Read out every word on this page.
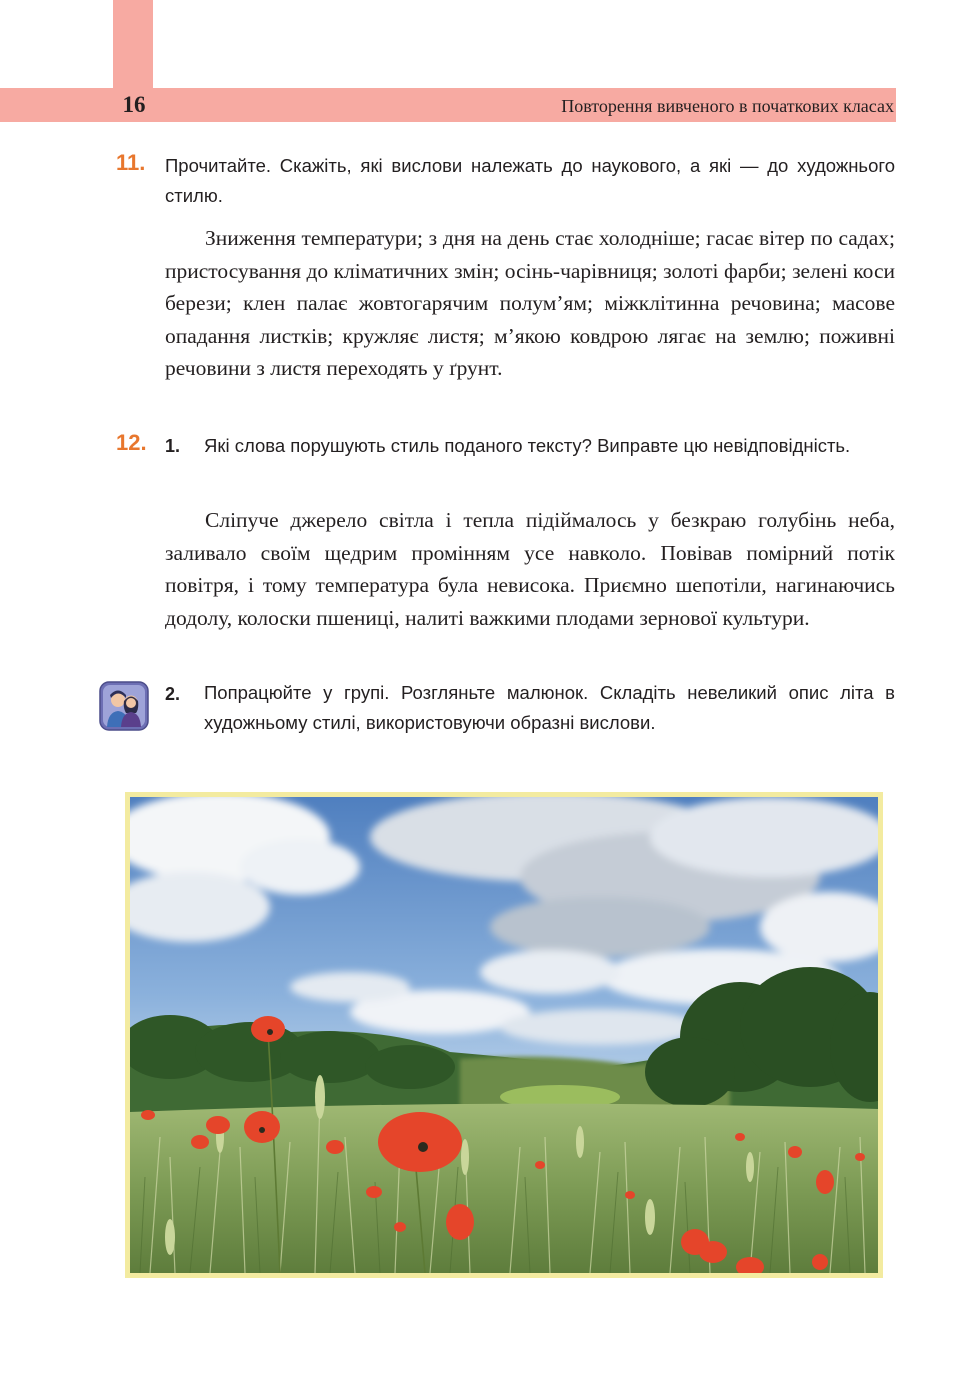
16	Повторення вивченого в початкових класах
11. Прочитайте. Скажіть, які вислови належать до наукового, а які — до художнього стилю.
Зниження температури; з дня на день стає холодніше; гасає вітер по садах; пристосування до кліматичних змін; осінь-чарівниця; золоті фарби; зелені коси берези; клен палає жовтогарячим полум’ям; міжклітинна речовина; масове опадання листків; кружляє листя; м’якою ковдрою лягає на землю; поживні речовини з листя переходять у ґрунт.
12. 1. Які слова порушують стиль поданого тексту? Виправте цю невідповідність.
Сліпуче джерело світла і тепла підіймалось у безкраю голубінь неба, заливало своїм щедрим промінням усе навколо. Повівав помірний потік повітря, і тому температура була невисока. Приємно шепотіли, нагинаючись додолу, колоски пшениці, налиті важкими плодами зернової культури.
2. Попрацюйте у групі. Розгляньте малюнок. Складіть невеликий опис літа в художньому стилі, використовуючи образні вислови.
